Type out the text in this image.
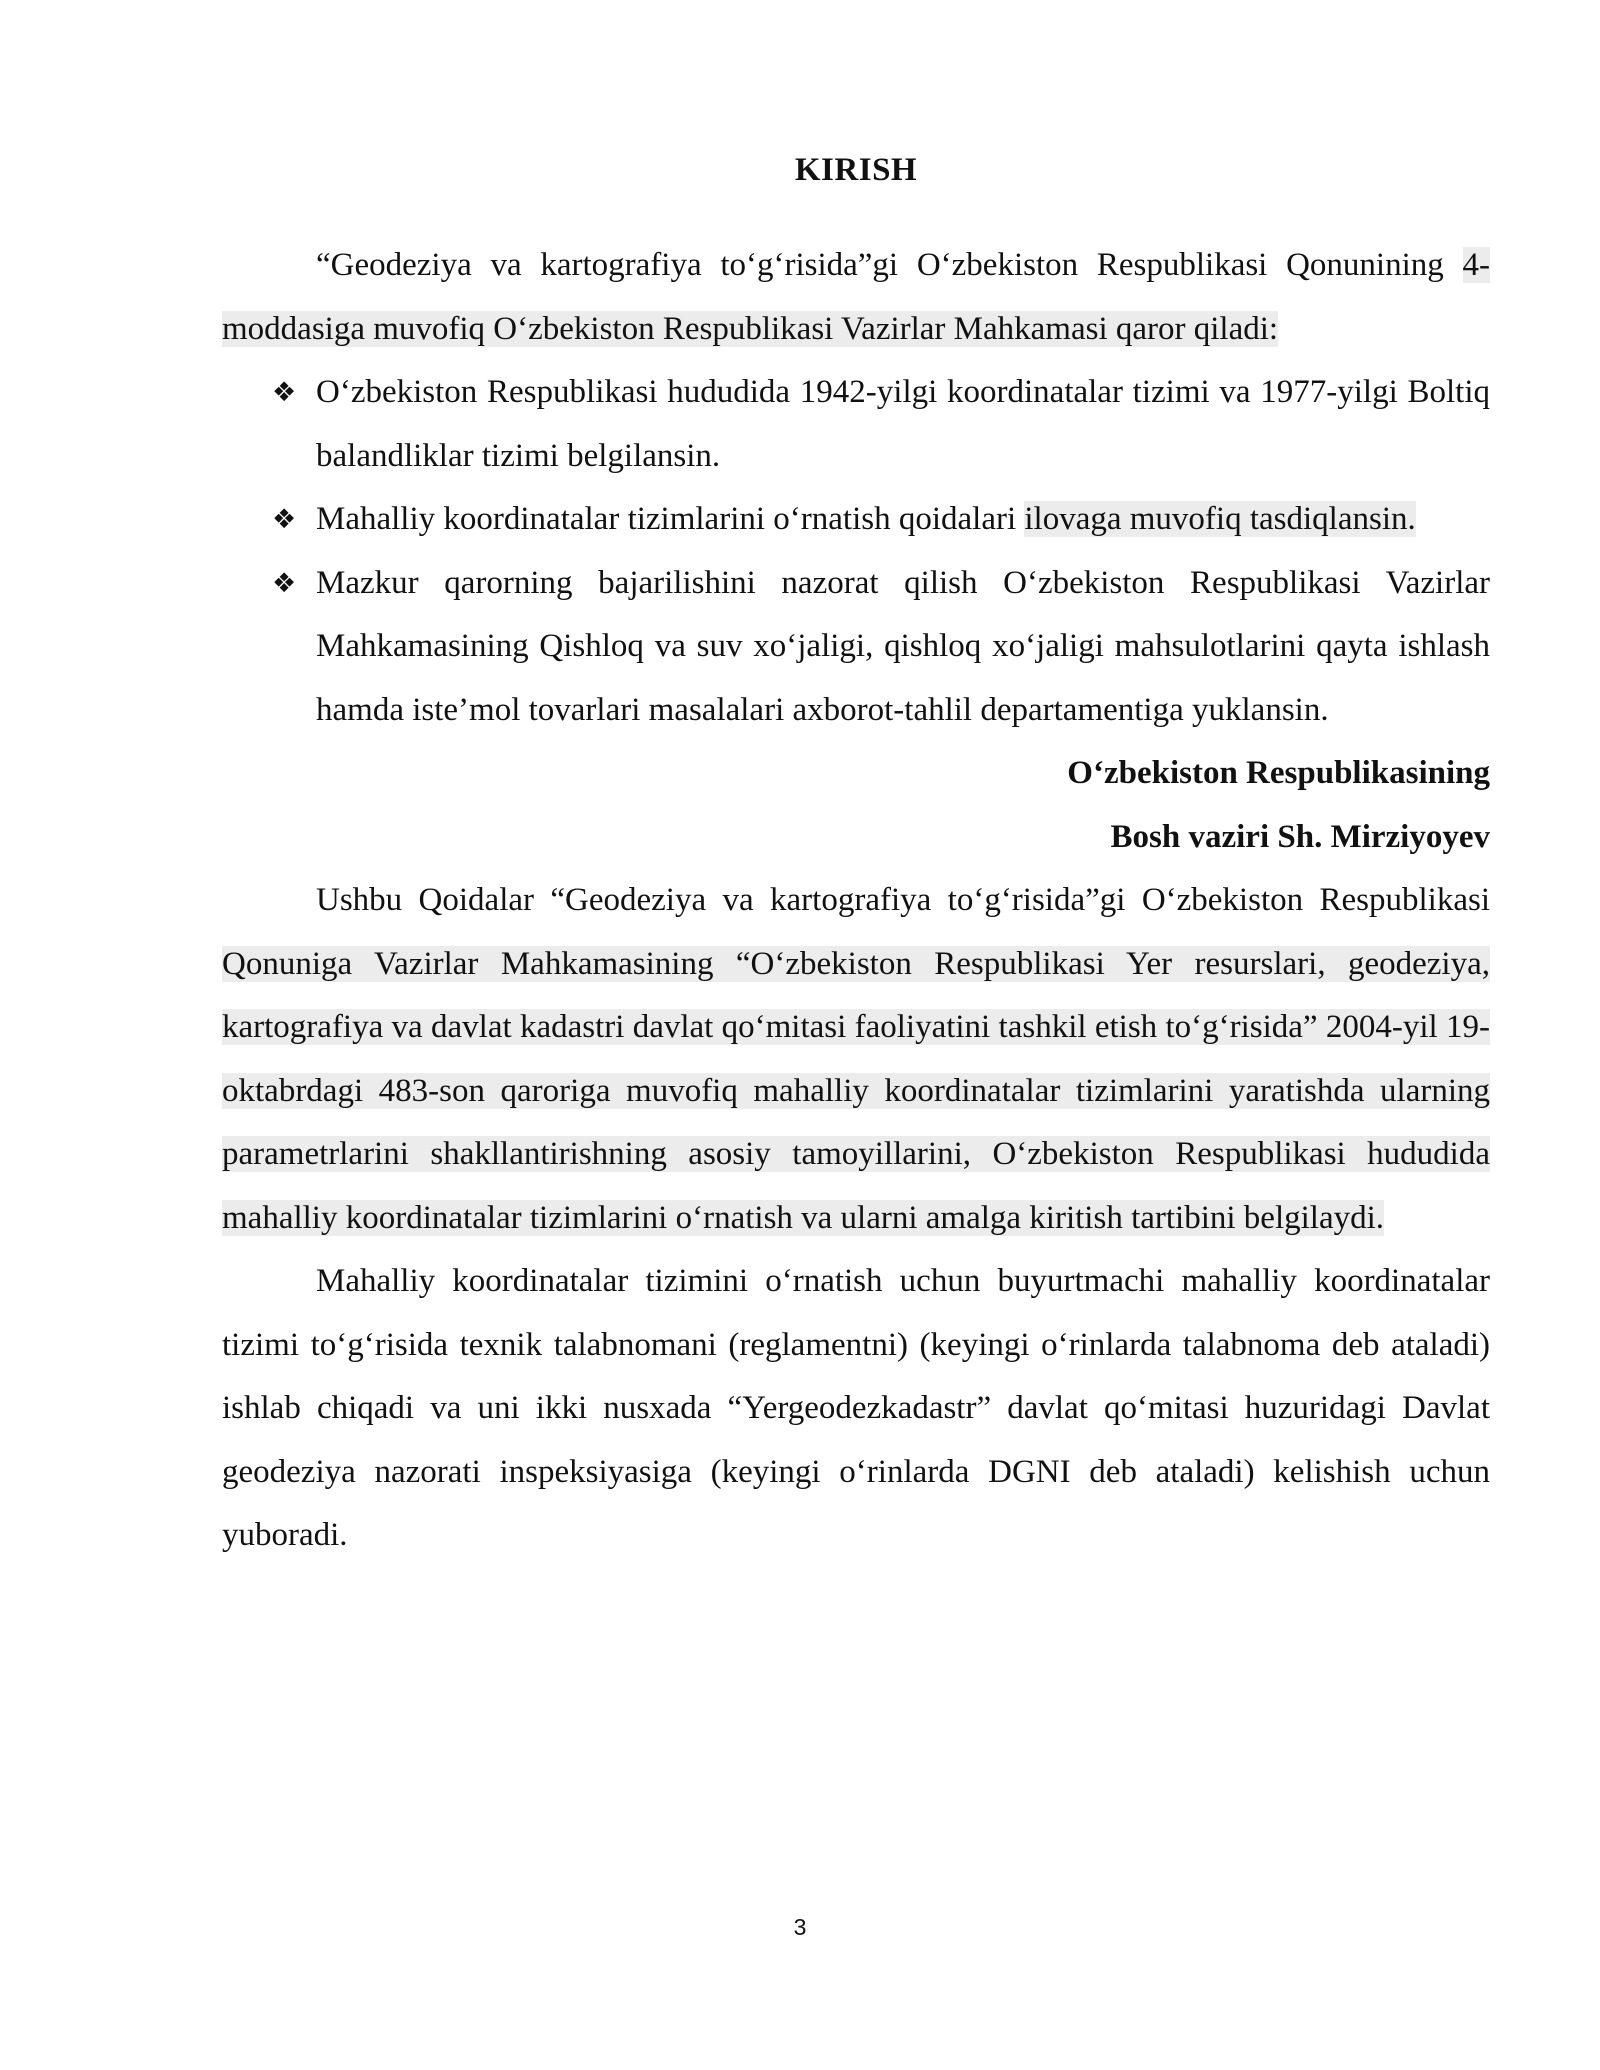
KIRISH

“Geodeziya va kartografiya to‘g‘risida”gi O‘zbekiston Respublikasi Qonunining 4-moddasiga muvofiq O‘zbekiston Respublikasi Vazirlar Mahkamasi qaror qiladi:

❖ O‘zbekiston Respublikasi hududida 1942-yilgi koordinatalar tizimi va 1977-yilgi Boltiq balandliklar tizimi belgilansin.
❖ Mahalliy koordinatalar tizimlarini o‘rnatish qoidalari ilovaga muvofiq tasdiqlansin.
❖ Mazkur qarorning bajarilishini nazorat qilish O‘zbekiston Respublikasi Vazirlar Mahkamasining Qishloq va suv xo‘jaligi, qishloq xo‘jaligi mahsulotlarini qayta ishlash hamda iste’mol tovarlari masalalari axborot-tahlil departamentiga yuklansin.

O‘zbekiston Respublikasining

Bosh vaziri Sh. Mirziyoyev

Ushbu Qoidalar “Geodeziya va kartografiya to‘g‘risida”gi O‘zbekiston Respublikasi Qonuniga Vazirlar Mahkamasining “O‘zbekiston Respublikasi Yer resurslari, geodeziya, kartografiya va davlat kadastri davlat qo‘mitasi faoliyatini tashkil etish to‘g‘risida” 2004-yil 19-oktabrdagi 483-son qaroriga muvofiq mahalliy koordinatalar tizimlarini yaratishda ularning parametrlarini shakllantirishning asosiy tamoyillarini, O‘zbekiston Respublikasi hududida mahalliy koordinatalar tizimlarini o‘rnatish va ularni amalga kiritish tartibini belgilaydi.

Mahalliy koordinatalar tizimini o‘rnatish uchun buyurtmachi mahalliy koordinatalar tizimi to‘g‘risida texnik talabnomani (reglamentni) (keyingi o‘rinlarda talabnoma deb ataladi) ishlab chiqadi va uni ikki nusxada “Yergeodezkadastr” davlat qo‘mitasi huzuridagi Davlat geodeziya nazorati inspeksiyasiga (keyingi o‘rinlarda DGNI deb ataladi) kelishish uchun yuboradi.

3
